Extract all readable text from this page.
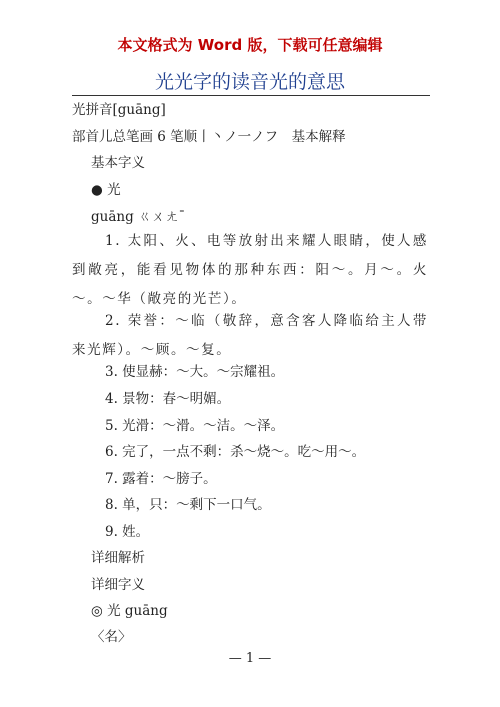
本文格式为 Word 版，下载可任意编辑
光光字的读音光的意思
光拼音[guāng]
部首儿总笔画 6 笔顺丨丶ノ一ノフ　基本解释
基本字义
● 光
guāng ㄍㄨㄤˉ
1. 太阳、火、电等放射出来耀人眼睛，使人感到敞亮，能看见物体的那种东西：阳～。月～。火～。～华（敞亮的光芒）。
2. 荣誉：～临（敬辞，意含客人降临给主人带来光辉）。～顾。～复。
3. 使显赫：～大。～宗耀祖。
4. 景物：春～明媚。
5. 光滑：～滑。～洁。～泽。
6. 完了，一点不剩：杀～烧～。吃～用～。
7. 露着：～膀子。
8. 单，只：～剩下一口气。
9. 姓。
详细解析
详细字义
◎ 光 guāng
〈名〉
— 1 —
